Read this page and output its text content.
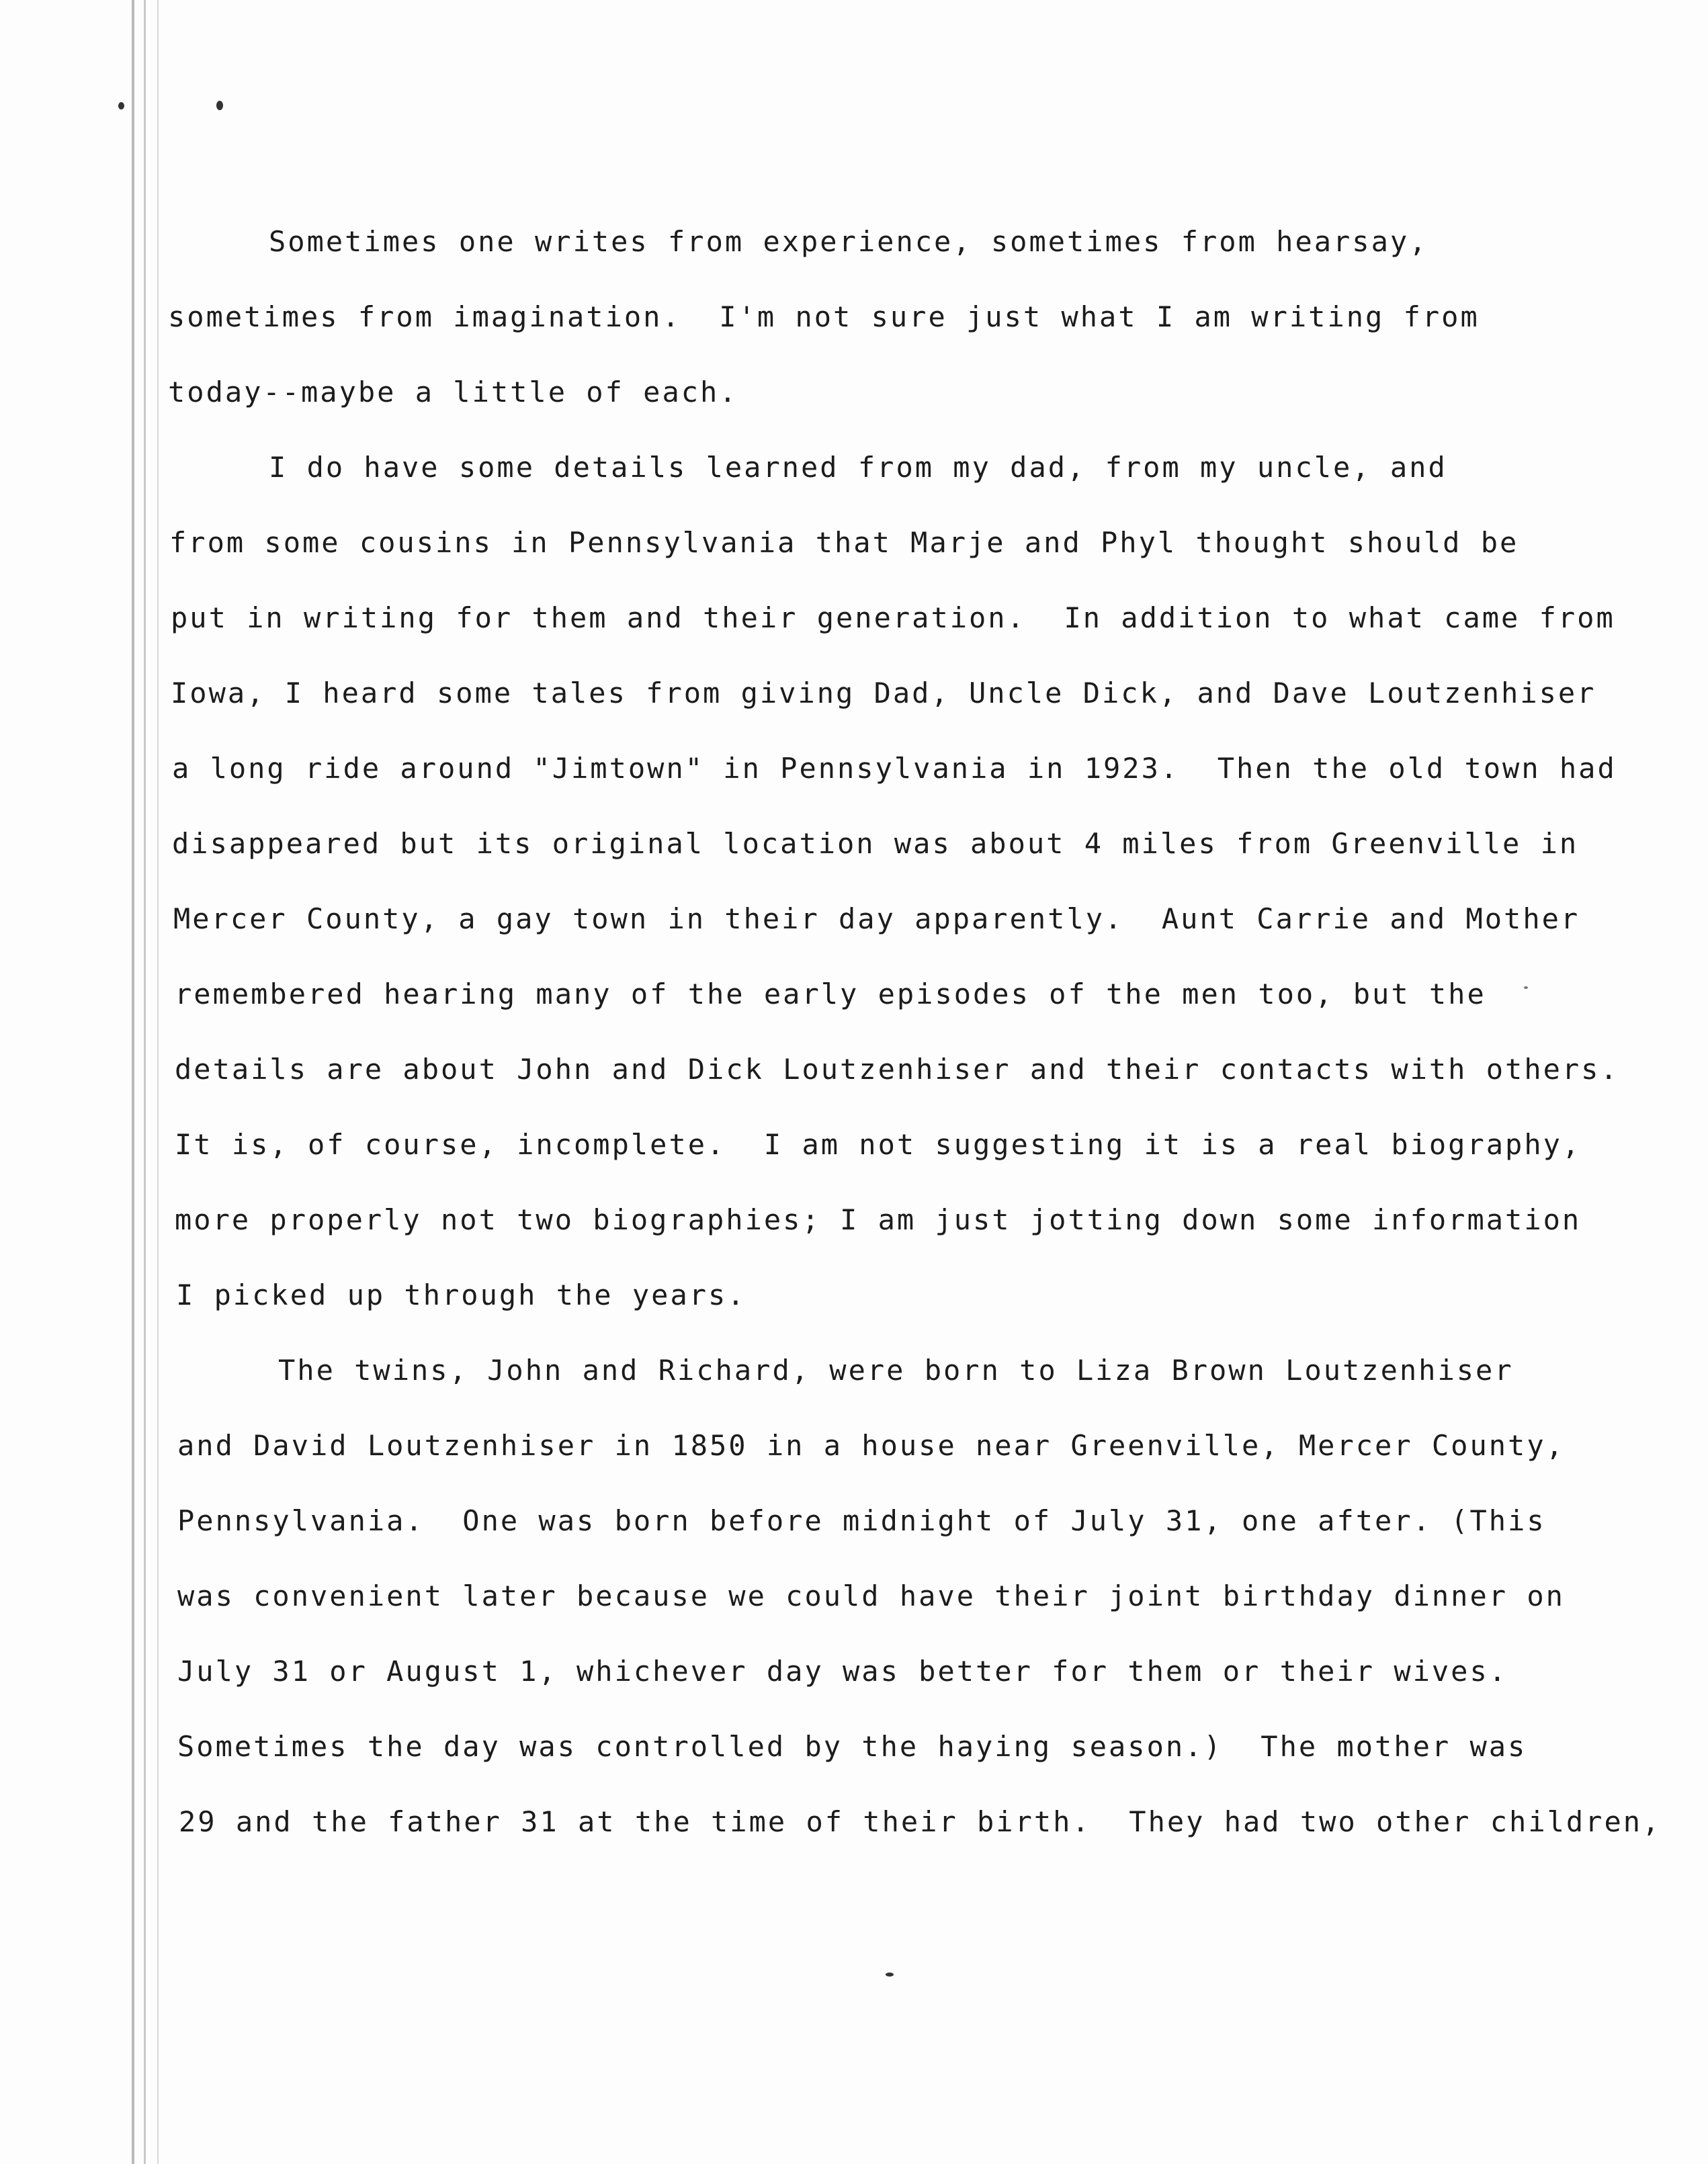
Sometimes one writes from experience, sometimes from hearsay,
sometimes from imagination.  I'm not sure just what I am writing from
today--maybe a little of each.
I do have some details learned from my dad, from my uncle, and
from some cousins in Pennsylvania that Marje and Phyl thought should be
put in writing for them and their generation.  In addition to what came from
Iowa, I heard some tales from giving Dad, Uncle Dick, and Dave Loutzenhiser
a long ride around "Jimtown" in Pennsylvania in 1923.  Then the old town had
disappeared but its original location was about 4 miles from Greenville in
Mercer County, a gay town in their day apparently.  Aunt Carrie and Mother
remembered hearing many of the early episodes of the men too, but the
details are about John and Dick Loutzenhiser and their contacts with others.
It is, of course, incomplete.  I am not suggesting it is a real biography,
more properly not two biographies; I am just jotting down some information
I picked up through the years.
The twins, John and Richard, were born to Liza Brown Loutzenhiser
and David Loutzenhiser in 1850 in a house near Greenville, Mercer County,
Pennsylvania.  One was born before midnight of July 31, one after. (This
was convenient later because we could have their joint birthday dinner on
July 31 or August 1, whichever day was better for them or their wives.
Sometimes the day was controlled by the haying season.)  The mother was
29 and the father 31 at the time of their birth.  They had two other children,
